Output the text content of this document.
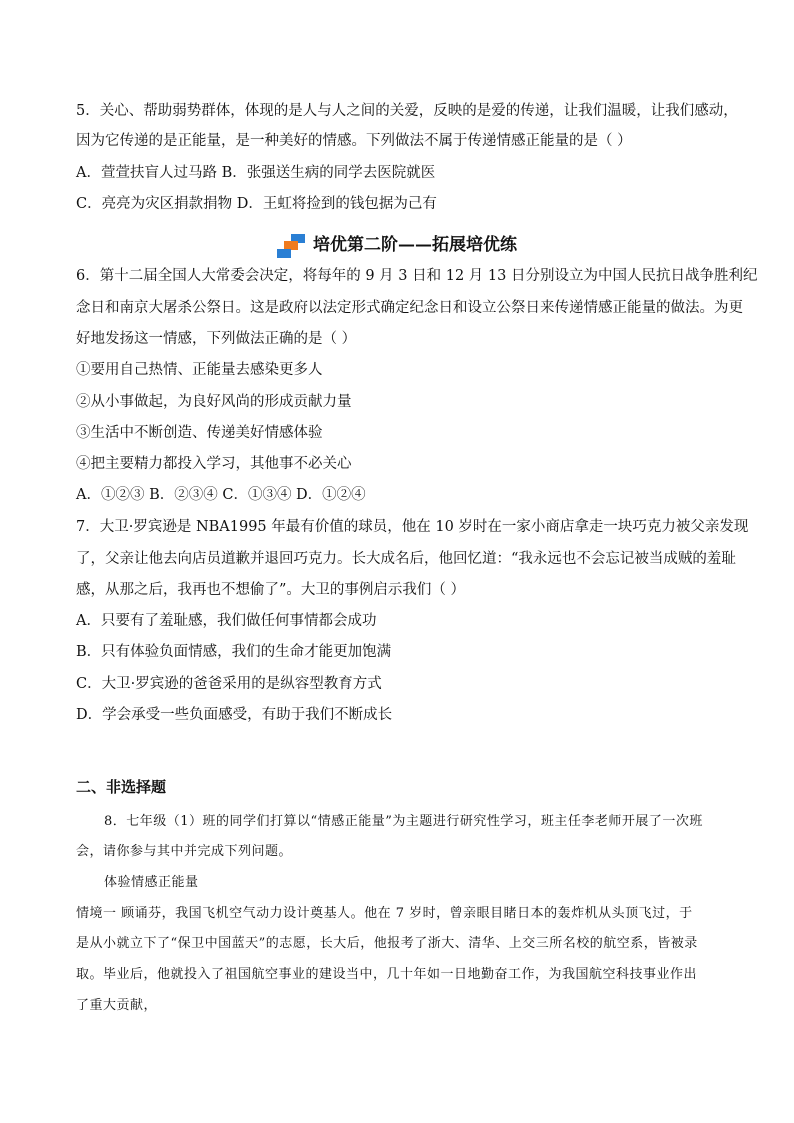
5．关心、帮助弱势群体，体现的是人与人之间的关爱，反映的是爱的传递，让我们温暖，让我们感动，
因为它传递的是正能量，是一种美好的情感。下列做法不属于传递情感正能量的是（ ）
A．萱萱扶盲人过马路 B．张强送生病的同学去医院就医
C．亮亮为灾区捐款捐物 D．王虹将捡到的钱包据为己有
培优第二阶——拓展培优练
6．第十二届全国人大常委会决定，将每年的 9 月 3 日和 12 月 13 日分别设立为中国人民抗日战争胜利纪
念日和南京大屠杀公祭日。这是政府以法定形式确定纪念日和设立公祭日来传递情感正能量的做法。为更
好地发扬这一情感，下列做法正确的是（ ）
①要用自己热情、正能量去感染更多人
②从小事做起，为良好风尚的形成贡献力量
③生活中不断创造、传递美好情感体验
④把主要精力都投入学习，其他事不必关心
A．①②③ B．②③④ C．①③④ D．①②④
7．大卫·罗宾逊是 NBA1995 年最有价值的球员，他在 10 岁时在一家小商店拿走一块巧克力被父亲发现
了，父亲让他去向店员道歉并退回巧克力。长大成名后，他回忆道：“我永远也不会忘记被当成贼的羞耻
感，从那之后，我再也不想偷了”。大卫的事例启示我们（ ）
A．只要有了羞耻感，我们做任何事情都会成功
B．只有体验负面情感，我们的生命才能更加饱满
C．大卫·罗宾逊的爸爸采用的是纵容型教育方式
D．学会承受一些负面感受，有助于我们不断成长
二、非选择题
8．七年级（1）班的同学们打算以“情感正能量”为主题进行研究性学习，班主任李老师开展了一次班
会，请你参与其中并完成下列问题。
体验情感正能量
情境一 顾诵芬，我国飞机空气动力设计奠基人。他在 7 岁时，曾亲眼目睹日本的轰炸机从头顶飞过，于
是从小就立下了“保卫中国蓝天”的志愿，长大后，他报考了浙大、清华、上交三所名校的航空系，皆被录
取。毕业后，他就投入了祖国航空事业的建设当中，几十年如一日地勤奋工作，为我国航空科技事业作出
了重大贡献，
